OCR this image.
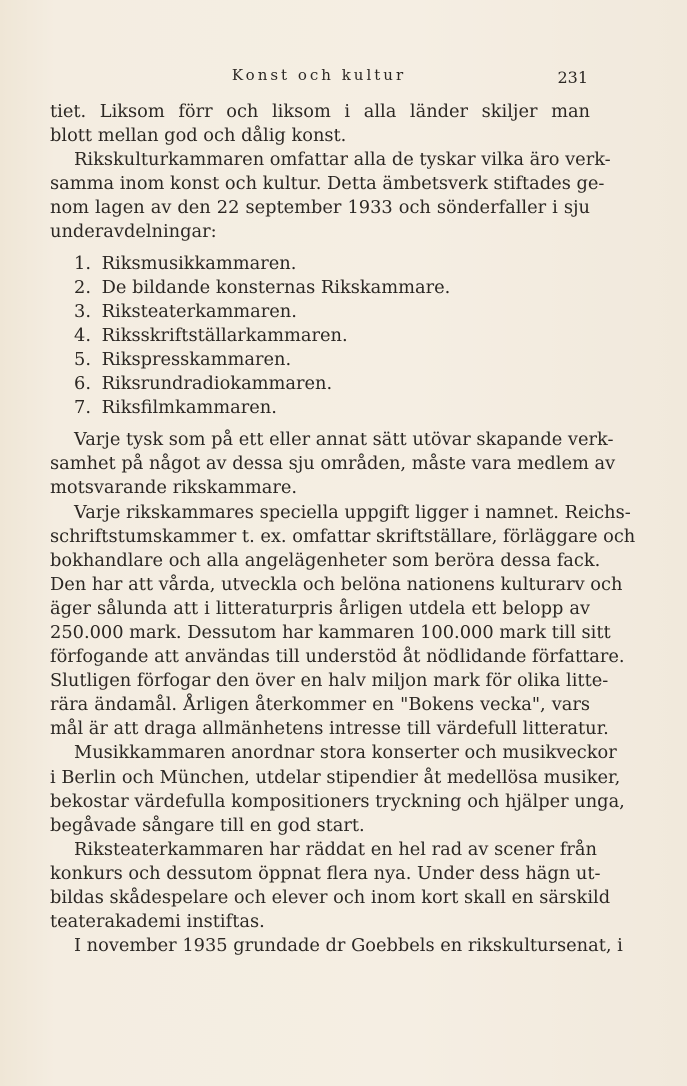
Konst och kultur	231
tiet. Liksom förr och liksom i alla länder skiljer man
blott mellan god och dålig konst.
Rikskulturkammaren omfattar alla de tyskar vilka äro verk-
samma inom konst och kultur. Detta ämbetsverk stiftades ge-
nom lagen av den 22 september 1933 och sönderfaller i sju
underavdelningar:
1. Riksmusikkammaren.
2. De bildande konsternas Rikskammare.
3. Riksteaterkammaren.
4. Riksskriftställarkammaren.
5. Rikspresskammaren.
6. Riksrundradiokammaren.
7. Riksfilmkammaren.
Varje tysk som på ett eller annat sätt utövar skapande verk-
samhet på något av dessa sju områden, måste vara medlem av
motsvarande rikskammare.
Varje rikskammares speciella uppgift ligger i namnet. Reichs-
schriftstumskammer t. ex. omfattar skriftställare, förläggare och
bokhandlare och alla angelägenheter som beröra dessa fack.
Den har att vårda, utveckla och belöna nationens kulturarv och
äger sålunda att i litteraturpris årligen utdela ett belopp av
250.000 mark. Dessutom har kammaren 100.000 mark till sitt
förfogande att användas till understöd åt nödlidande författare.
Slutligen förfogar den över en halv miljon mark för olika litte-
rära ändamål. Årligen återkommer en "Bokens vecka", vars
mål är att draga allmänhetens intresse till värdefull litteratur.
Musikkammaren anordnar stora konserter och musikveckor
i Berlin och München, utdelar stipendier åt medellösa musiker,
bekostar värdefulla kompositioners tryckning och hjälper unga,
begåvade sångare till en god start.
Riksteaterkammaren har räddat en hel rad av scener från
konkurs och dessutom öppnat flera nya. Under dess hägn ut-
bildas skådespelare och elever och inom kort skall en särskild
teaterakademi instiftas.
I november 1935 grundade dr Goebbels en rikskultursenat, i
